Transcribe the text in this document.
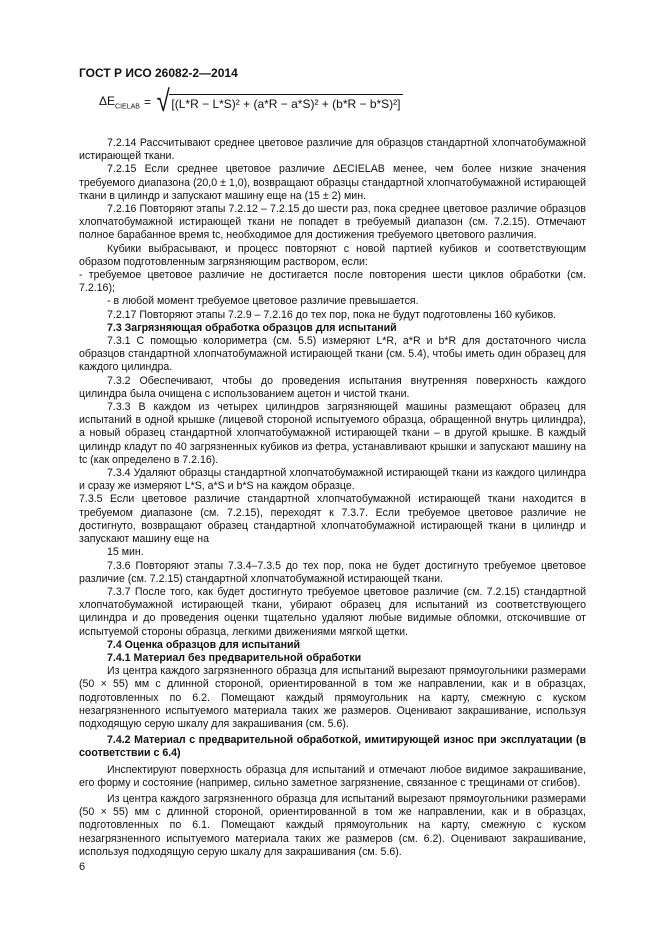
ГОСТ Р ИСО 26082-2—2014
$\Delta E_{CIELAB}$ = √ [(L*R − L*S)² + (a*R − a*S)² + (b*R − b*S)²]

7.2.14 Рассчитывают среднее цветовое различие для образцов стандартной хлопчатобумажной истирающей ткани.

7.2.15 Если среднее цветовое различие ΔECIELAB менее, чем более низкие значения требуемого диапазона (20,0 ± 1,0), возвращают образцы стандартной хлопчатобумажной истирающей ткани в цилиндр и запускают машину еще на (15 ± 2) мин.

7.2.16 Повторяют этапы 7.2.12 – 7.2.15 до шести раз, пока среднее цветовое различие образцов хлопчатобумажной истирающей ткани не попадет в требуемый диапазон (см. 7.2.15). Отмечают полное барабанное время tc, необходимое для достижения требуемого цветового различия.

Кубики выбрасывают, и процесс повторяют с новой партией кубиков и соответствующим образом подготовленным загрязняющим раствором, если:

- требуемое цветовое различие не достигается после повторения шести циклов обработки (см. 7.2.16);

- в любой момент требуемое цветовое различие превышается.

7.2.17 Повторяют этапы 7.2.9 – 7.2.16 до тех пор, пока не будут подготовлены 160 кубиков.

7.3 Загрязняющая обработка образцов для испытаний

7.3.1 С помощью колориметра (см. 5.5) измеряют L*R, a*R и b*R для достаточного числа образцов стандартной хлопчатобумажной истирающей ткани (см. 5.4), чтобы иметь один образец для каждого цилиндра.

7.3.2 Обеспечивают, чтобы до проведения испытания внутренняя поверхность каждого цилиндра была очищена с использованием ацетон и чистой ткани.

7.3.3 В каждом из четырех цилиндров загрязняющей машины размещают образец для испытаний в одной крышке (лицевой стороной испытуемого образца, обращенной внутрь цилиндра), а новый образец стандартной хлопчатобумажной истирающей ткани – в другой крышке. В каждый цилиндр кладут по 40 загрязненных кубиков из фетра, устанавливают крышки и запускают машину на tc (как определено в 7.2.16).

7.3.4 Удаляют образцы стандартной хлопчатобумажной истирающей ткани из каждого цилиндра и сразу же измеряют L*S, a*S и b*S на каждом образце.

7.3.5 Если цветовое различие стандартной хлопчатобумажной истирающей ткани находится в требуемом диапазоне (см. 7.2.15), переходят к 7.3.7. Если требуемое цветовое различие не достигнуто, возвращают образец стандартной хлопчатобумажной истирающей ткани в цилиндр и запускают машину еще на

15 мин.

7.3.6 Повторяют этапы 7.3.4–7.3.5 до тех пор, пока не будет достигнуто требуемое цветовое различие (см. 7.2.15) стандартной хлопчатобумажной истирающей ткани.

7.3.7 После того, как будет достигнуто требуемое цветовое различие (см. 7.2.15) стандартной хлопчатобумажной истирающей ткани, убирают образец для испытаний из соответствующего цилиндра и до проведения оценки тщательно удаляют любые видимые обломки, отскочившие от испытуемой стороны образца, легкими движениями мягкой щетки.

7.4 Оценка образцов для испытаний

7.4.1 Материал без предварительной обработки

Из центра каждого загрязненного образца для испытаний вырезают прямоугольники размерами (50 × 55) мм с длинной стороной, ориентированной в том же направлении, как и в образцах, подготовленных по 6.2. Помещают каждый прямоугольник на карту, смежную с куском незагрязненного испытуемого материала таких же размеров. Оценивают закрашивание, используя подходящую серую шкалу для закрашивания (см. 5.6).

7.4.2 Материал с предварительной обработкой, имитирующей износ при эксплуатации (в соответствии с 6.4)

Инспектируют поверхность образца для испытаний и отмечают любое видимое закрашивание, его форму и состояние (например, сильно заметное загрязнение, связанное с трещинами от сгибов).

Из центра каждого загрязненного образца для испытаний вырезают прямоугольники размерами (50 × 55) мм с длинной стороной, ориентированной в том же направлении, как и в образцах, подготовленных по 6.1. Помещают каждый прямоугольник на карту, смежную с куском незагрязненного испытуемого материала таких же размеров (см. 6.2). Оценивают закрашивание, используя подходящую серую шкалу для закрашивания (см. 5.6).

6
